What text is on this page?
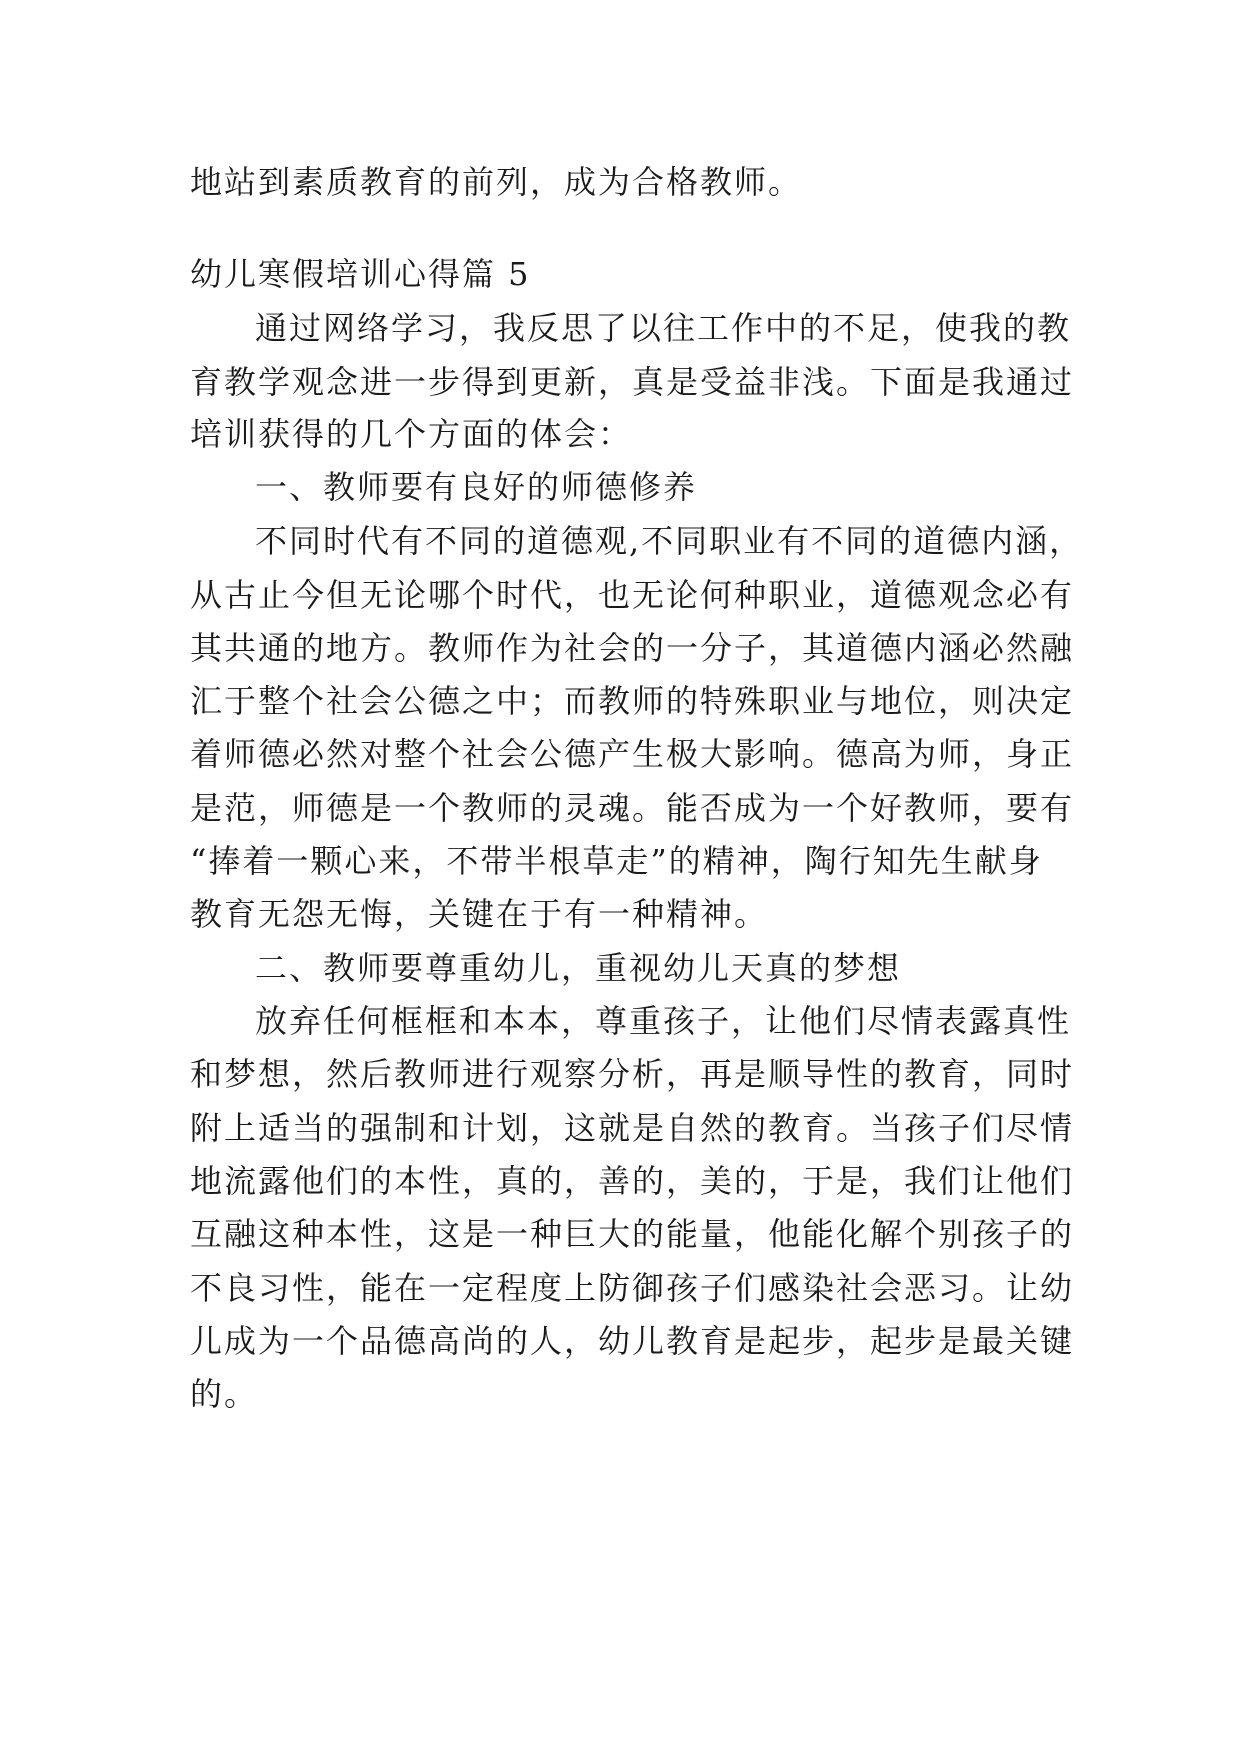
地站到素质教育的前列，成为合格教师。
幼儿寒假培训心得篇 5
通过网络学习，我反思了以往工作中的不足，使我的教
育教学观念进一步得到更新，真是受益非浅。下面是我通过
培训获得的几个方面的体会：
一、教师要有良好的师德修养
不同时代有不同的道德观,不同职业有不同的道德内涵，
从古止今但无论哪个时代，也无论何种职业，道德观念必有
其共通的地方。教师作为社会的一分子，其道德内涵必然融
汇于整个社会公德之中；而教师的特殊职业与地位，则决定
着师德必然对整个社会公德产生极大影响。德高为师，身正
是范，师德是一个教师的灵魂。能否成为一个好教师，要有
“捧着一颗心来，不带半根草走”的精神，陶行知先生献身
教育无怨无悔，关键在于有一种精神。
二、教师要尊重幼儿，重视幼儿天真的梦想
放弃任何框框和本本，尊重孩子，让他们尽情表露真性
和梦想，然后教师进行观察分析，再是顺导性的教育，同时
附上适当的强制和计划，这就是自然的教育。当孩子们尽情
地流露他们的本性，真的，善的，美的，于是，我们让他们
互融这种本性，这是一种巨大的能量，他能化解个别孩子的
不良习性，能在一定程度上防御孩子们感染社会恶习。让幼
儿成为一个品德高尚的人，幼儿教育是起步，起步是最关键
的。
